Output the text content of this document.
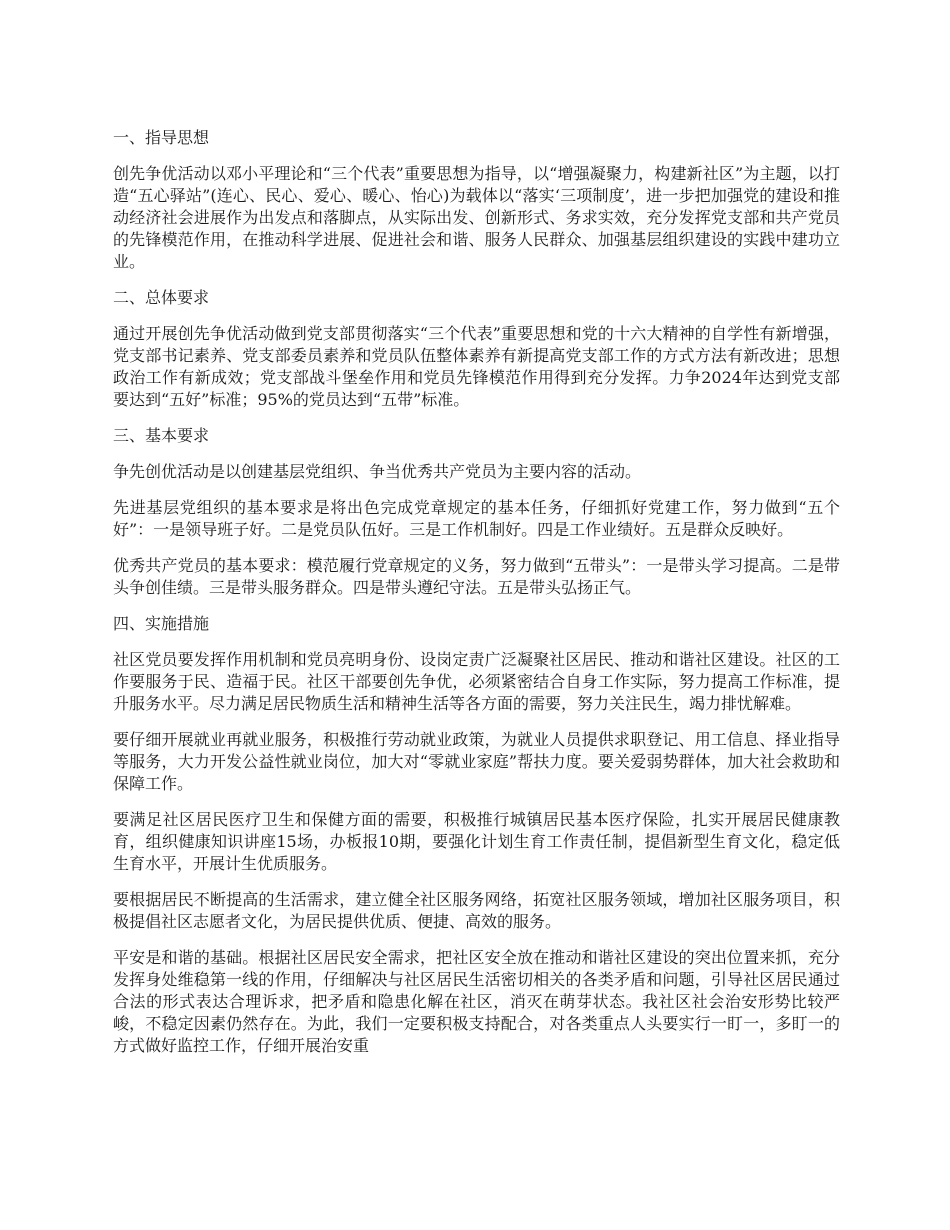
一、指导思想

创先争优活动以邓小平理论和“三个代表”重要思想为指导，以“增强凝聚力，构建新社区”为主题，以打造“五心驿站”(连心、民心、爱心、暖心、怡心)为载体以“落实‘三项制度’，进一步把加强党的建设和推动经济社会进展作为出发点和落脚点，从实际出发、创新形式、务求实效，充分发挥党支部和共产党员的先锋模范作用，在推动科学进展、促进社会和谐、服务人民群众、加强基层组织建设的实践中建功立业。

二、总体要求

通过开展创先争优活动做到党支部贯彻落实“三个代表”重要思想和党的十六大精神的自学性有新增强，党支部书记素养、党支部委员素养和党员队伍整体素养有新提高党支部工作的方式方法有新改进；思想政治工作有新成效；党支部战斗堡垒作用和党员先锋模范作用得到充分发挥。力争2024年达到党支部要达到“五好”标准；95%的党员达到“五带”标准。

三、基本要求

争先创优活动是以创建基层党组织、争当优秀共产党员为主要内容的活动。

先进基层党组织的基本要求是将出色完成党章规定的基本任务，仔细抓好党建工作，努力做到“五个好”：一是领导班子好。二是党员队伍好。三是工作机制好。四是工作业绩好。五是群众反映好。

优秀共产党员的基本要求：模范履行党章规定的义务，努力做到“五带头”：一是带头学习提高。二是带头争创佳绩。三是带头服务群众。四是带头遵纪守法。五是带头弘扬正气。

四、实施措施

社区党员要发挥作用机制和党员亮明身份、设岗定责广泛凝聚社区居民、推动和谐社区建设。社区的工作要服务于民、造福于民。社区干部要创先争优，必须紧密结合自身工作实际，努力提高工作标准，提升服务水平。尽力满足居民物质生活和精神生活等各方面的需要，努力关注民生，竭力排忧解难。

要仔细开展就业再就业服务，积极推行劳动就业政策，为就业人员提供求职登记、用工信息、择业指导等服务，大力开发公益性就业岗位，加大对“零就业家庭”帮扶力度。要关爱弱势群体，加大社会救助和保障工作。

要满足社区居民医疗卫生和保健方面的需要，积极推行城镇居民基本医疗保险，扎实开展居民健康教育，组织健康知识讲座15场，办板报10期，要强化计划生育工作责任制，提倡新型生育文化，稳定低生育水平，开展计生优质服务。

要根据居民不断提高的生活需求，建立健全社区服务网络，拓宽社区服务领域，增加社区服务项目，积极提倡社区志愿者文化，为居民提供优质、便捷、高效的服务。

平安是和谐的基础。根据社区居民安全需求，把社区安全放在推动和谐社区建设的突出位置来抓，充分发挥身处维稳第一线的作用，仔细解决与社区居民生活密切相关的各类矛盾和问题，引导社区居民通过合法的形式表达合理诉求，把矛盾和隐患化解在社区，消灭在萌芽状态。我社区社会治安形势比较严峻，不稳定因素仍然存在。为此，我们一定要积极支持配合，对各类重点人头要实行一盯一，多盯一的方式做好监控工作，仔细开展治安重
